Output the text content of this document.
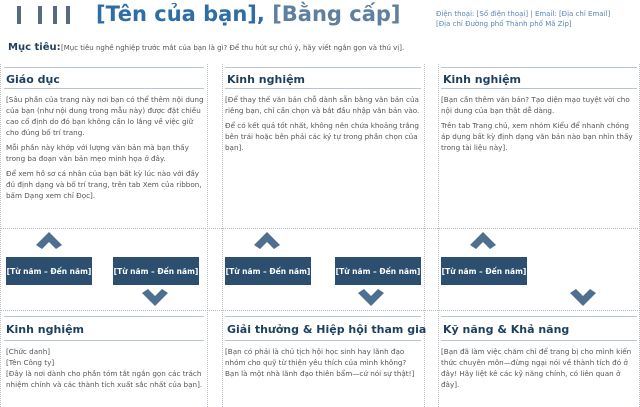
[Tên của bạn], [Bằng cấp]	Điện thoại: [Số điện thoại] | Email: [Địa chỉ Email]
[Địa chỉ Đường phố Thành phố Mã Zip]
Mục tiêu: [Mục tiêu nghề nghiệp trước mắt của bạn là gì? Để thu hút sự chú ý, hãy viết ngắn gọn và thú vị].
Giáo dục	Kinh nghiệm	Kinh nghiệm

[Sâu phần của trang này nơi bạn có thể thêm nội dung của bạn (như nội dung trong mẫu này) được đặt chiều cao cố định do đó bạn không cần lo lắng về việc giữ cho đúng bố trí trang.

Mỗi phần này khớp với lượng văn bản mà bạn thấy trong ba đoạn văn bản mẹo minh họa ở đây.

Để xem hồ sơ cá nhân của bạn bất kỳ lúc nào với đầy đủ định dạng và bố trí trang, trên tab Xem của ribbon, bấm Dạng xem chỉ Đọc].

[Để thay thế văn bản chỗ dành sẵn bằng văn bản của riêng bạn, chỉ cần chọn và bắt đầu nhập văn bản vào.

Để có kết quả tốt nhất, không nên chứa khoảng trắng bên trái hoặc bên phải các ký tự trong phần chọn của bạn].

[Bạn cần thêm văn bản? Tạo diện mạo tuyệt vời cho nội dung của bạn thật dễ dàng.

Trên tab Trang chủ, xem nhóm Kiểu để nhanh chóng áp dụng bất kỳ định dạng văn bản nào bạn nhìn thấy trong tài liệu này].

[Từ năm – Đến năm]	[Từ năm – Đến năm]	[Từ năm – Đến năm]	[Từ năm – Đến năm]	[Từ năm – Đến năm]
Kinh nghiệm	Giải thưởng & Hiệp hội tham gia Kỹ năng & Khả năng

[Chức danh]

[Tên Công ty]

[Đây là nơi dành cho phần tóm tắt ngắn gọn các trách nhiệm chính và các thành tích xuất sắc nhất của bạn].

[Bạn có phải là chủ tịch hội học sinh hay lãnh đạo nhóm cho quỹ từ thiện yêu thích của mình không? Bạn là một nhà lãnh đạo thiên bẩm—cứ nói sự thật!]

[Bạn đã làm việc chăm chỉ để trang bị cho mình kiến thức chuyên môn—đừng ngại nói về thành tích đó ở đây! Hãy liệt kê các kỹ năng chính, có liên quan ở đây].
